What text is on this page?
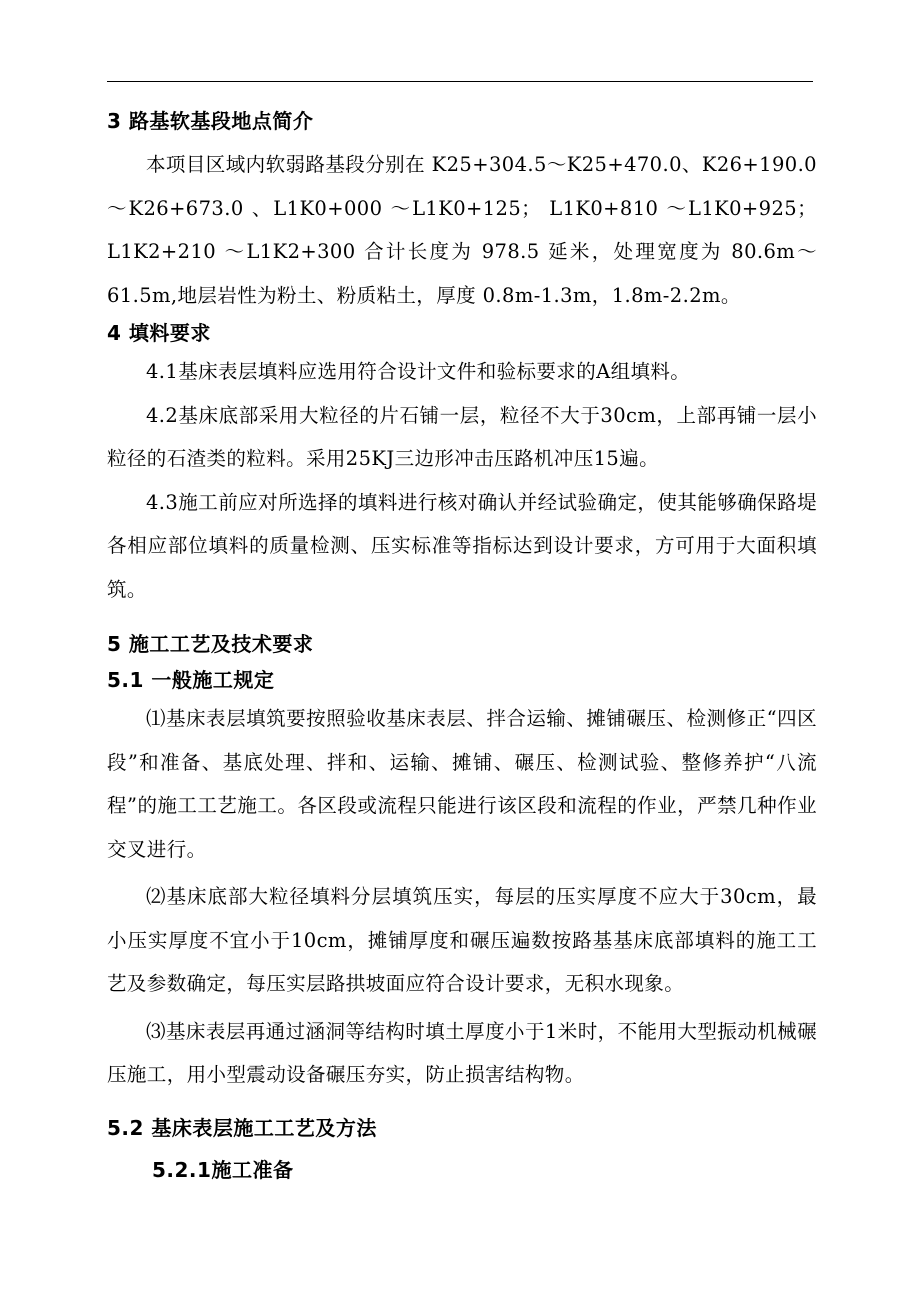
3 路基软基段地点简介

本项目区域内软弱路基段分别在 K25+304.5～K25+470.0、K26+190.0～K26+673.0 、L1K0+000 ～L1K0+125； L1K0+810 ～L1K0+925； L1K2+210 ～L1K2+300 合计长度为 978.5 延米，处理宽度为 80.6m～61.5m,地层岩性为粉土、粉质粘土，厚度 0.8m-1.3m，1.8m-2.2m。

4 填料要求

4.1基床表层填料应选用符合设计文件和验标要求的A组填料。

4.2基床底部采用大粒径的片石铺一层，粒径不大于30cm，上部再铺一层小粒径的石渣类的粒料。采用25KJ三边形冲击压路机冲压15遍。

4.3施工前应对所选择的填料进行核对确认并经试验确定，使其能够确保路堤各相应部位填料的质量检测、压实标准等指标达到设计要求，方可用于大面积填筑。

5 施工工艺及技术要求
5.1 一般施工规定

⑴基床表层填筑要按照验收基床表层、拌合运输、摊铺碾压、检测修正“四区段”和准备、基底处理、拌和、运输、摊铺、碾压、检测试验、整修养护“八流程”的施工工艺施工。各区段或流程只能进行该区段和流程的作业，严禁几种作业交叉进行。

⑵基床底部大粒径填料分层填筑压实，每层的压实厚度不应大于30cm，最小压实厚度不宜小于10cm，摊铺厚度和碾压遍数按路基基床底部填料的施工工艺及参数确定，每压实层路拱坡面应符合设计要求，无积水现象。

⑶基床表层再通过涵洞等结构时填土厚度小于1米时，不能用大型振动机械碾压施工，用小型震动设备碾压夯实，防止损害结构物。

5.2 基床表层施工工艺及方法
5.2.1施工准备
